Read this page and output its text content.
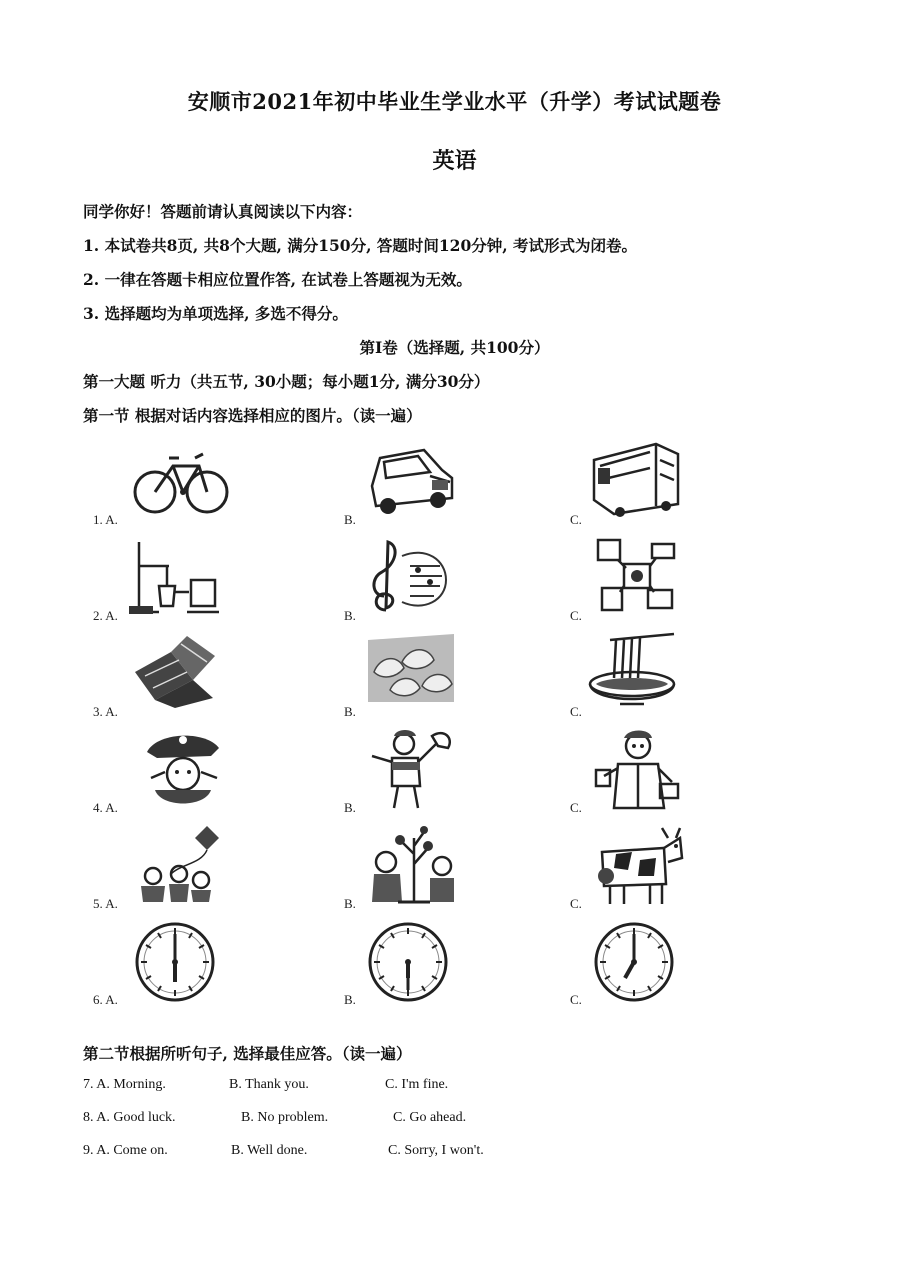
安顺市2021年初中毕业生学业水平（升学）考试试题卷
英语
同学你好！答题前请认真阅读以下内容：
1. 本试卷共8页, 共8个大题, 满分150分, 答题时间120分钟, 考试形式为闭卷。
2. 一律在答题卡相应位置作答, 在试卷上答题视为无效。
3. 选择题均为单项选择, 多选不得分。
第Ⅰ卷（选择题, 共100分）
第一大题 听力（共五节, 30小题；每小题1分, 满分30分）
第一节 根据对话内容选择相应的图片。（读一遍）
1. A.	B.	C.
2. A.	B.	C.
3. A.	B.	C.
4. A.	B.	C.
5. A.	B.	C.
6. A.	B.	C.
第二节根据所听句子, 选择最佳应答。（读一遍）
7. A. Morning.	B. Thank you.	C. I'm fine.
8. A. Good luck.	B. No problem.	C. Go ahead.
9. A. Come on.	B. Well done.	C. Sorry, I won't.
